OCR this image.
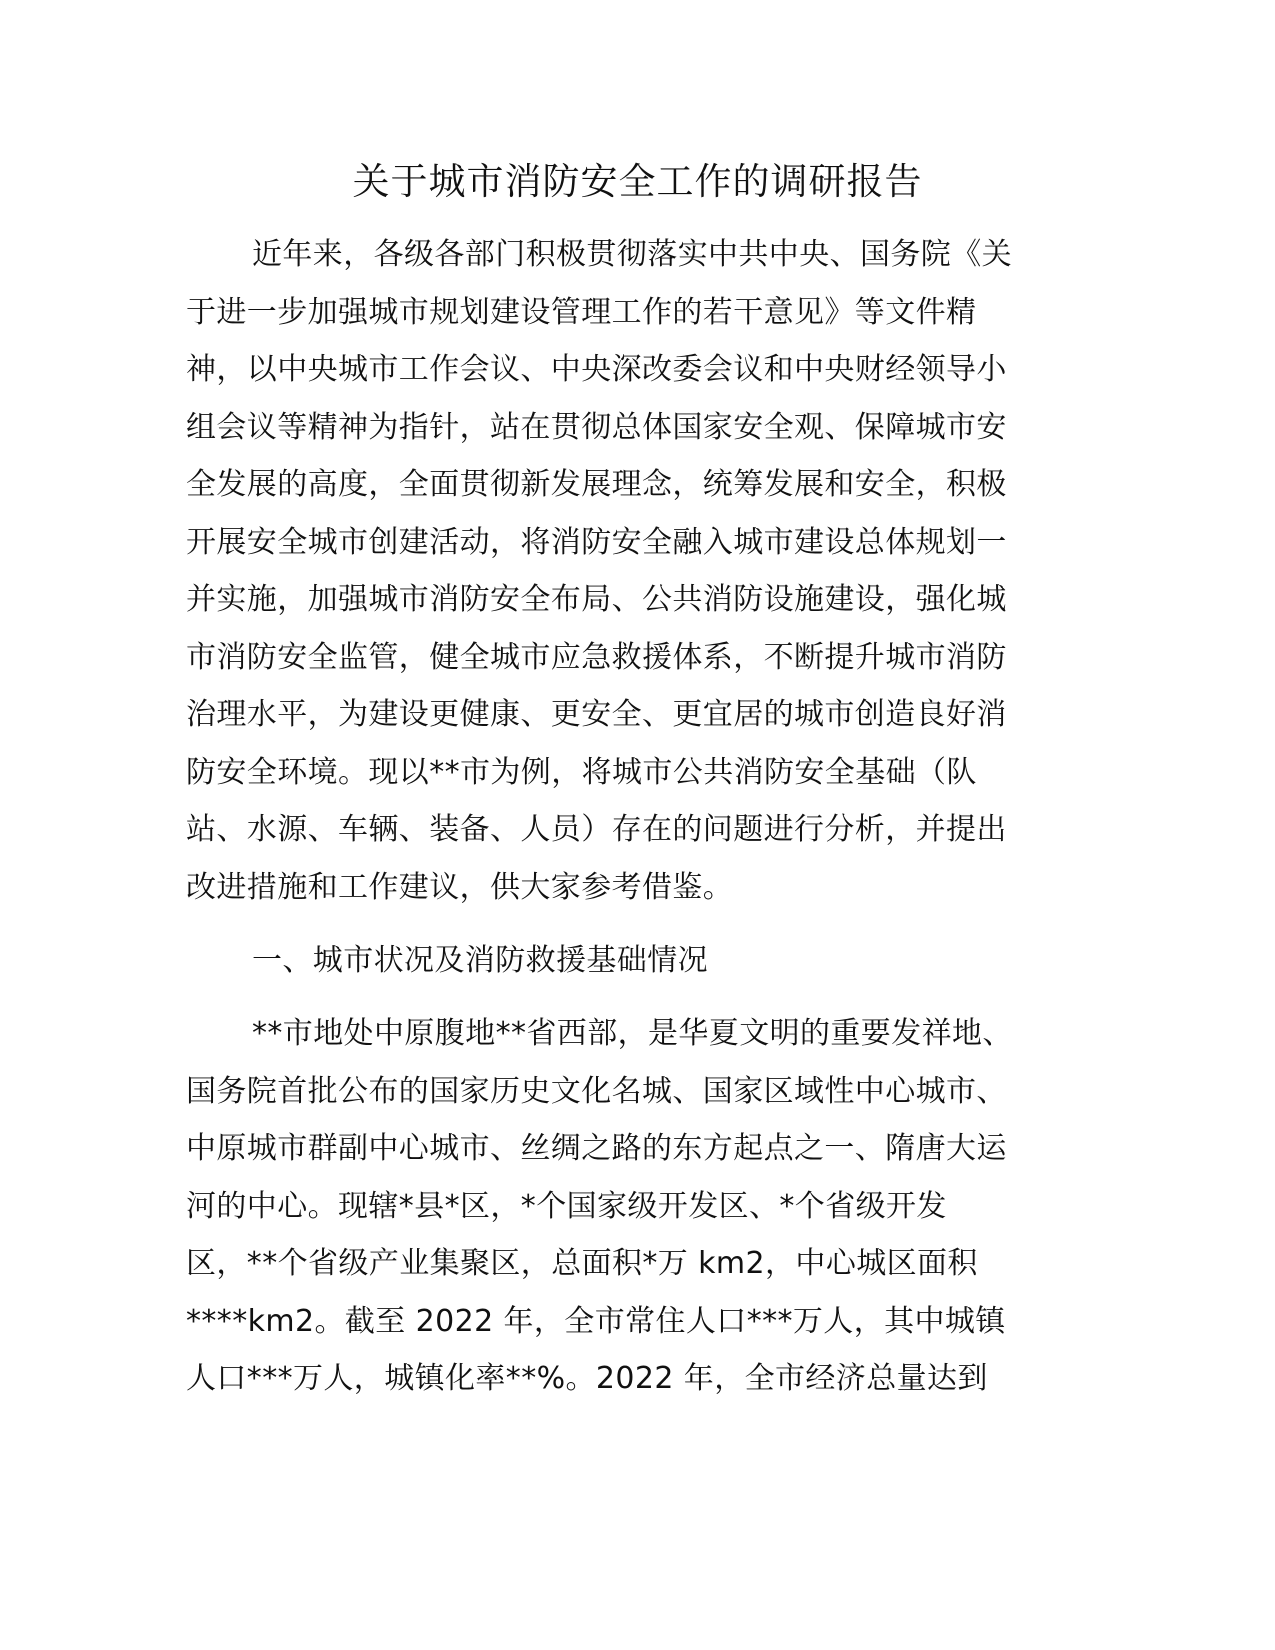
关于城市消防安全工作的调研报告
近年来，各级各部门积极贯彻落实中共中央、国务院《关
于进一步加强城市规划建设管理工作的若干意见》等文件精
神，以中央城市工作会议、中央深改委会议和中央财经领导小
组会议等精神为指针，站在贯彻总体国家安全观、保障城市安
全发展的高度，全面贯彻新发展理念，统筹发展和安全，积极
开展安全城市创建活动，将消防安全融入城市建设总体规划一
并实施，加强城市消防安全布局、公共消防设施建设，强化城
市消防安全监管，健全城市应急救援体系，不断提升城市消防
治理水平，为建设更健康、更安全、更宜居的城市创造良好消
防安全环境。现以**市为例，将城市公共消防安全基础（队
站、水源、车辆、装备、人员）存在的问题进行分析，并提出
改进措施和工作建议，供大家参考借鉴。
一、城市状况及消防救援基础情况
**市地处中原腹地**省西部，是华夏文明的重要发祥地、
国务院首批公布的国家历史文化名城、国家区域性中心城市、
中原城市群副中心城市、丝绸之路的东方起点之一、隋唐大运
河的中心。现辖*县*区，*个国家级开发区、*个省级开发
区，**个省级产业集聚区，总面积*万 km2，中心城区面积
****km2。截至 2022 年，全市常住人口***万人，其中城镇
人口***万人，城镇化率**%。2022 年，全市经济总量达到
